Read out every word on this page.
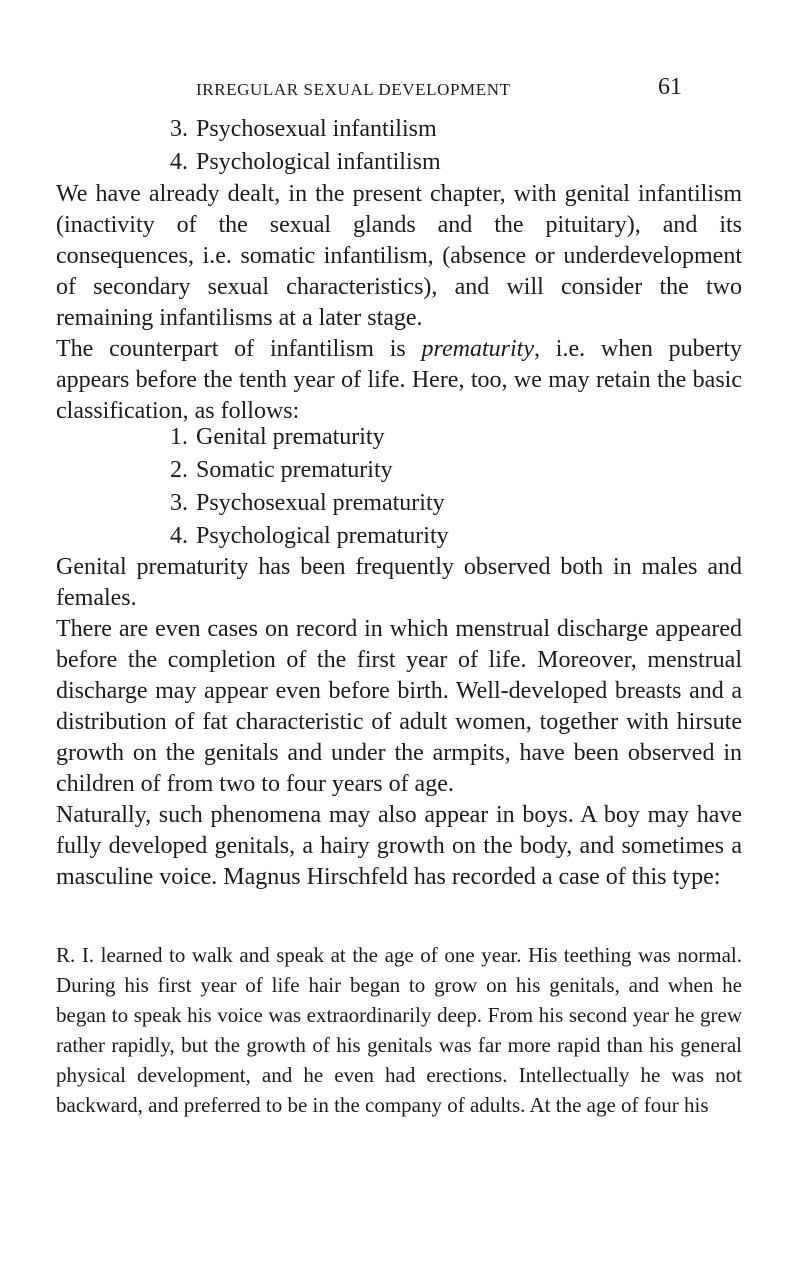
IRREGULAR SEXUAL DEVELOPMENT	61
3. Psychosexual infantilism
4. Psychological infantilism

We have already dealt, in the present chapter, with genital infantilism (inactivity of the sexual glands and the pituitary), and its consequences, i.e. somatic infantilism, (absence or underdevelopment of secondary sexual characteristics), and will consider the two remaining infantilisms at a later stage.

The counterpart of infantilism is prematurity, i.e. when puberty appears before the tenth year of life. Here, too, we may retain the basic classification, as follows:

1. Genital prematurity
2. Somatic prematurity
3. Psychosexual prematurity
4. Psychological prematurity

Genital prematurity has been frequently observed both in males and females.

There are even cases on record in which menstrual discharge appeared before the completion of the first year of life. Moreover, menstrual discharge may appear even before birth. Well-developed breasts and a distribution of fat characteristic of adult women, together with hirsute growth on the genitals and under the armpits, have been observed in children of from two to four years of age.

Naturally, such phenomena may also appear in boys. A boy may have fully developed genitals, a hairy growth on the body, and sometimes a masculine voice. Magnus Hirschfeld has recorded a case of this type:

R. I. learned to walk and speak at the age of one year. His teething was normal. During his first year of life hair began to grow on his genitals, and when he began to speak his voice was extraordinarily deep. From his second year he grew rather rapidly, but the growth of his genitals was far more rapid than his general physical development, and he even had erections. Intellectually he was not backward, and preferred to be in the company of adults. At the age of four his
